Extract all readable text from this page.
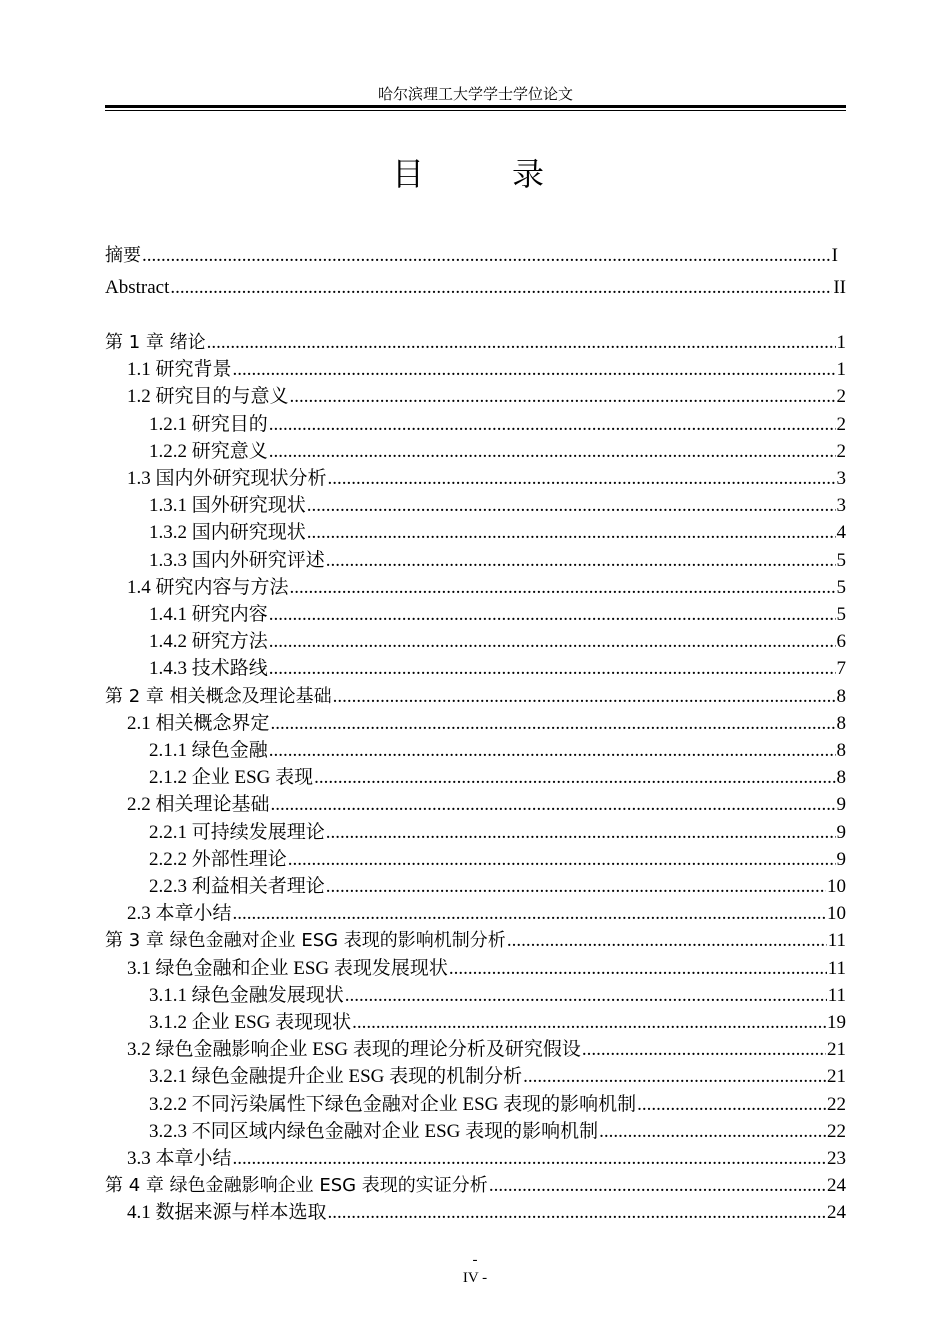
哈尔滨理工大学学士学位论文
目　录
摘要 .....	I
Abstract .....	II
第 1 章 绪论 .....	1
1.1 研究背景 .....	1
1.2 研究目的与意义 .....	2
1.2.1 研究目的 .....	2
1.2.2 研究意义 .....	2
1.3 国内外研究现状分析 .....	3
1.3.1 国外研究现状 .....	3
1.3.2 国内研究现状 .....	4
1.3.3 国内外研究评述 .....	5
1.4 研究内容与方法 .....	5
1.4.1 研究内容 .....	5
1.4.2 研究方法 .....	6
1.4.3 技术路线 .....	7
第 2 章 相关概念及理论基础 .....	8
2.1 相关概念界定 .....	8
2.1.1 绿色金融 .....	8
2.1.2 企业 ESG 表现 .....	8
2.2 相关理论基础 .....	9
2.2.1 可持续发展理论 .....	9
2.2.2 外部性理论 .....	9
2.2.3 利益相关者理论 .....	10
2.3 本章小结 .....	10
第 3 章 绿色金融对企业 ESG 表现的影响机制分析 .....	11
3.1 绿色金融和企业 ESG 表现发展现状 .....	11
3.1.1 绿色金融发展现状 .....	11
3.1.2 企业 ESG 表现现状 .....	19
3.2 绿色金融影响企业 ESG 表现的理论分析及研究假设 .....	21
3.2.1 绿色金融提升企业 ESG 表现的机制分析 .....	21
3.2.2 不同污染属性下绿色金融对企业 ESG 表现的影响机制 .....	22
3.2.3 不同区域内绿色金融对企业 ESG 表现的影响机制 .....	22
3.3 本章小结 .....	23
第 4 章 绿色金融影响企业 ESG 表现的实证分析 .....	24
4.1 数据来源与样本选取 .....	24
-
IV -
